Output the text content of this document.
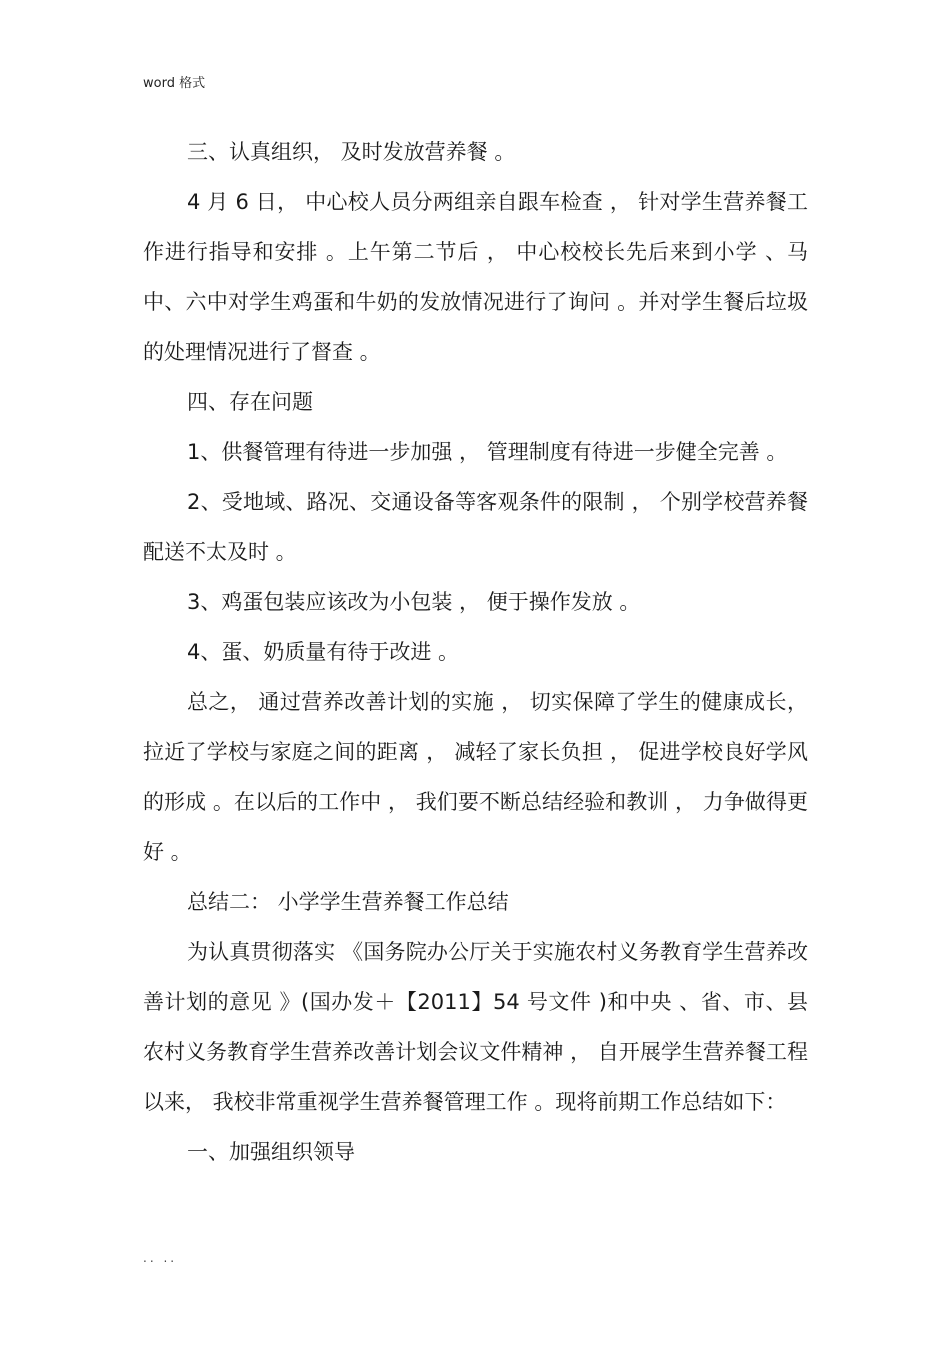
word 格式

三、认真组织， 及时发放营养餐 。

4 月 6 日， 中心校人员分两组亲自跟车检查 ， 针对学生营养餐工作进行指导和安排 。上午第二节后 ， 中心校校长先后来到小学 、马中、六中对学生鸡蛋和牛奶的发放情况进行了询问 。并对学生餐后垃圾的处理情况进行了督查 。

四、存在问题

1、供餐管理有待进一步加强 ， 管理制度有待进一步健全完善 。

2、受地域、路况、交通设备等客观条件的限制 ， 个别学校营养餐配送不太及时 。

3、鸡蛋包装应该改为小包装 ， 便于操作发放 。

4、蛋、奶质量有待于改进 。

总之， 通过营养改善计划的实施 ， 切实保障了学生的健康成长， 拉近了学校与家庭之间的距离 ， 减轻了家长负担 ， 促进学校良好学风的形成 。在以后的工作中 ， 我们要不断总结经验和教训 ， 力争做得更好 。

总结二： 小学学生营养餐工作总结

为认真贯彻落实 《国务院办公厅关于实施农村义务教育学生营养改善计划的意见 》(国办发＋【2011】54 号文件 )和中央 、省、市、县农村义务教育学生营养改善计划会议文件精神 ， 自开展学生营养餐工程以来， 我校非常重视学生营养餐管理工作 。现将前期工作总结如下：

一、加强组织领导

.. ..
